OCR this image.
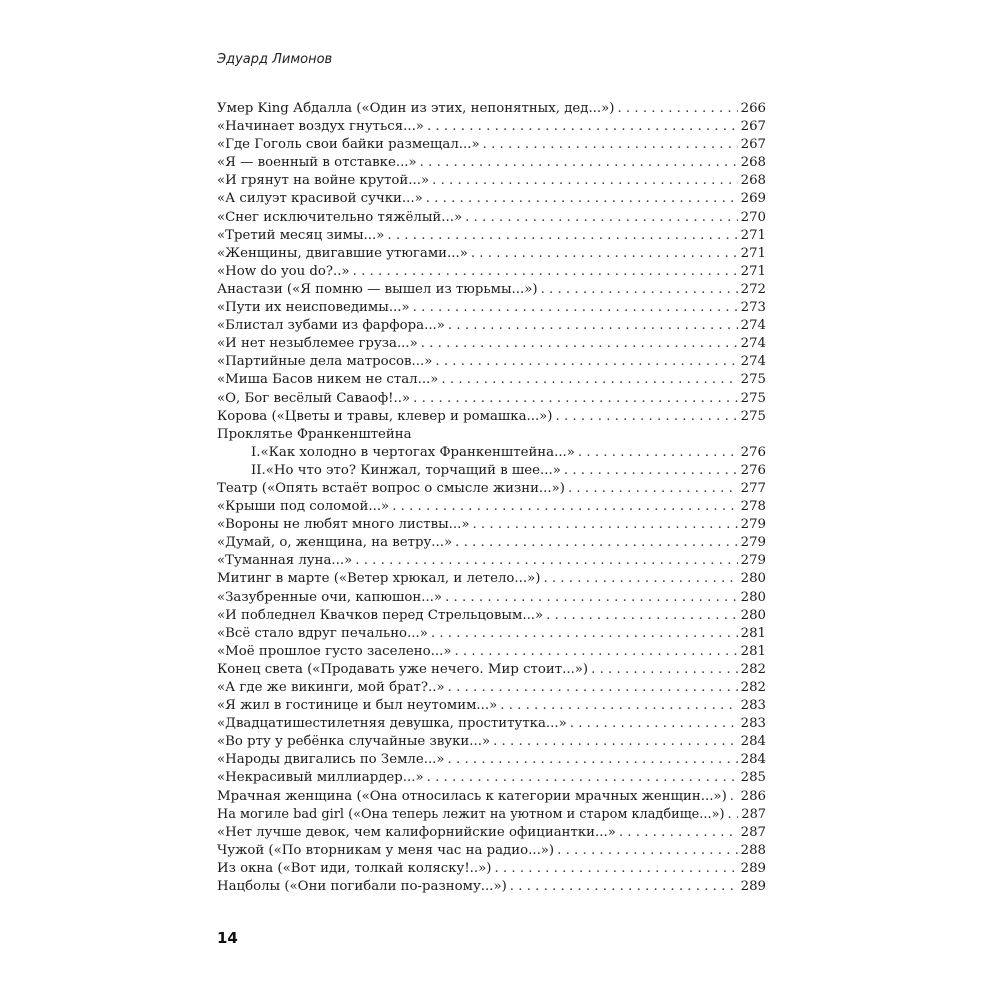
Эдуард Лимонов
Умер King Абдалла («Один из этих, непонятных, дед...») . . .	266
«Начинает воздух гнуться...» . . .	267
«Где Гоголь свои байки размещал...» . . .	267
«Я — военный в отставке...» . . .	268
«И грянут на войне крутой...» . . .	268
«А силуэт красивой сучки...» . . .	269
«Снег исключительно тяжёлый...» . . .	270
«Третий месяц зимы...» . . .	271
«Женщины, двигавшие утюгами...» . . .	271
«How do you do?..» . . .	271
Анастази («Я помню — вышел из тюрьмы...») . . .	272
«Пути их неисповедимы...» . . .	273
«Блистал зубами из фарфора...» . . .	274
«И нет незыблемее груза...» . . .	274
«Партийные дела матросов...» . . .	274
«Миша Басов никем не стал...» . . .	275
«О, Бог весёлый Саваоф!..» . . .	275
Корова («Цветы и травы, клевер и ромашка...») . . .	275
Проклятье Франкенштейна
I. «Как холодно в чертогах Франкенштейна...» . . .	276
II. «Но что это? Кинжал, торчащий в шее...» . . .	276
Театр («Опять встаёт вопрос о смысле жизни...») . . .	277
«Крыши под соломой...» . . .	278
«Вороны не любят много листвы...» . . .	279
«Думай, о, женщина, на ветру...» . . .	279
«Туманная луна...» . . .	279
Митинг в марте («Ветер хрюкал, и летело...») . . .	280
«Зазубренные очи, капюшон...» . . .	280
«И побледнел Квачков перед Стрельцовым...» . . .	280
«Всё стало вдруг печально...» . . .	281
«Моё прошлое густо заселено...» . . .	281
Конец света («Продавать уже нечего. Мир стоит...») . . .	282
«А где же викинги, мой брат?..» . . .	282
«Я жил в гостинице и был неутомим...» . . .	283
«Двадцатишестилетняя девушка, проститутка...» . . .	283
«Во рту у ребёнка случайные звуки...» . . .	284
«Народы двигались по Земле...» . . .	284
«Некрасивый миллиардер...» . . .	285
Мрачная женщина («Она относилась к категории мрачных женщин...») . . . 286
На могиле bad girl («Она теперь лежит на уютном и старом кладбище...») . . . 287
«Нет лучше девок, чем калифорнийские официантки...» . . .	287
Чужой («По вторникам у меня час на радио...») . . .	288
Из окна («Вот иди, толкай коляску!..») . . .	289
Нацболы («Они погибали по-разному...») . . .	289
14
